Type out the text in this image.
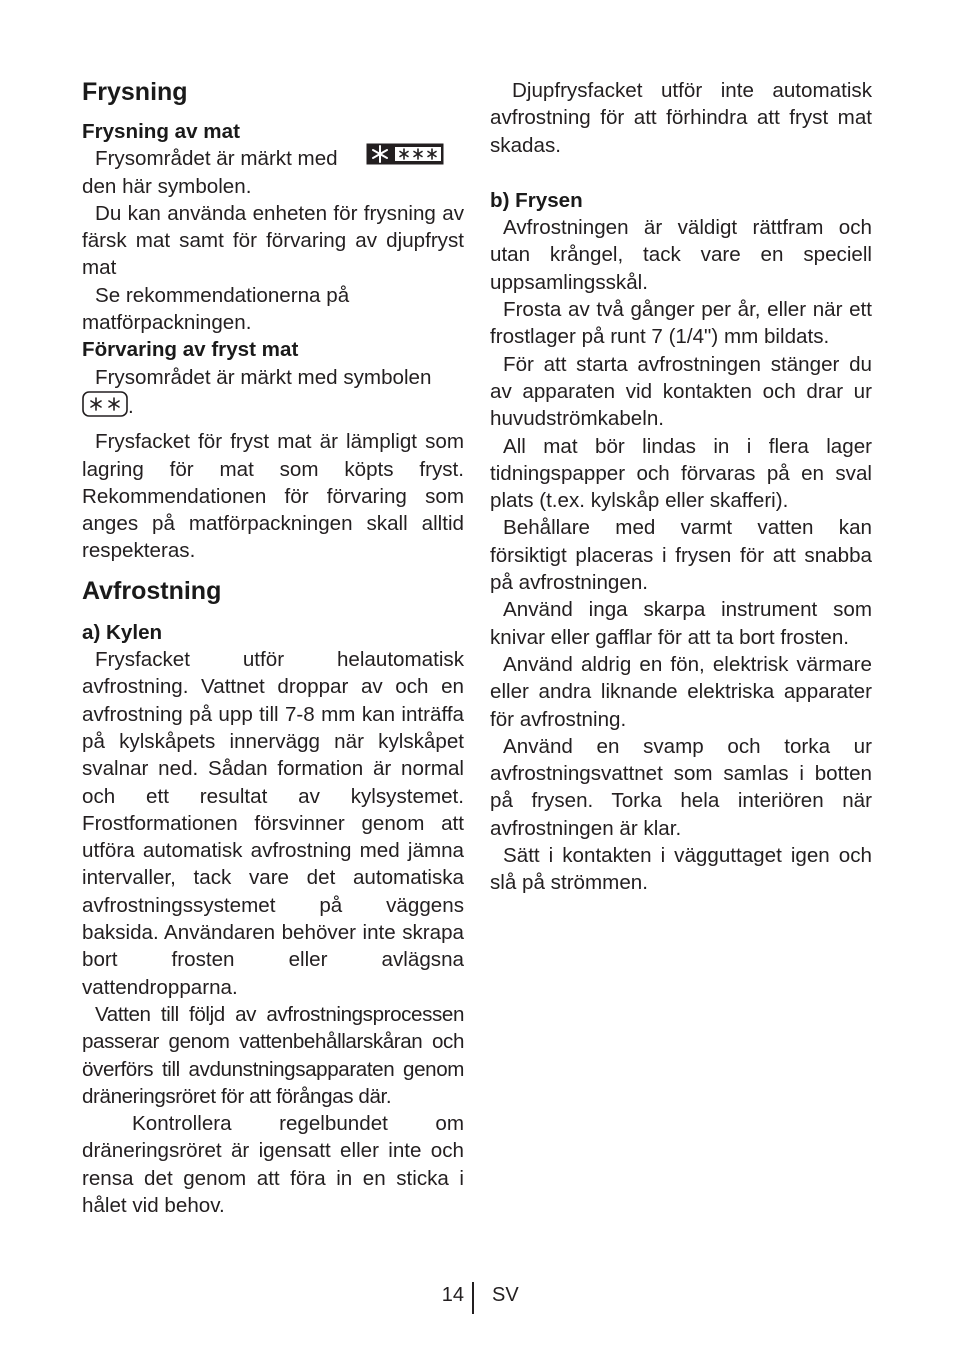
Frysning
Frysning av mat

Frysområdet är märkt med
den här symbolen.

Du kan använda enheten för frysning av färsk mat samt för förvaring av djupfryst mat

Se rekommendationerna på matförpackningen.

Förvaring av fryst mat

Frysområdet är märkt med symbolen
.

Frysfacket för fryst mat är lämpligt som lagring för mat som köpts fryst. Rekommendationen för förvaring som anges på matförpackningen skall alltid respekteras.

Avfrostning
a) Kylen

Frysfacket utför helautomatisk avfrostning. Vattnet droppar av och en avfrostning på upp till 7-8 mm kan inträffa på kylskåpets innervägg när kylskåpet svalnar ned. Sådan formation är normal och ett resultat av kylsystemet. Frostformationen försvinner genom att utföra automatisk avfrostning med jämna intervaller, tack vare det automatiska avfrostningssystemet på väggens baksida. Användaren behöver inte skrapa bort frosten eller avlägsna vattendropparna.

Vatten till följd av avfrostningsprocessen passerar genom vattenbehållarskåran och överförs till avdunstningsapparaten genom dräneringsröret för att förångas där.

Kontrollera regelbundet om dräneringsröret är igensatt eller inte och rensa det genom att föra in en sticka i hålet vid behov.

Djupfrysfacket utför inte automatisk avfrostning för att förhindra att fryst mat skadas.

b) Frysen

Avfrostningen är väldigt rättfram och utan krångel, tack vare en speciell uppsamlingsskål.

Frosta av två gånger per år, eller när ett frostlager på runt 7 (1/4") mm bildats.

För att starta avfrostningen stänger du av apparaten vid kontakten och drar ur huvudströmkabeln.

All mat bör lindas in i flera lager tidningspapper och förvaras på en sval plats (t.ex. kylskåp eller skafferi).

Behållare med varmt vatten kan försiktigt placeras i frysen för att snabba på avfrostningen.

Använd inga skarpa instrument som knivar eller gafflar för att ta bort frosten.

Använd aldrig en fön, elektrisk värmare eller andra liknande elektriska apparater för avfrostning.

Använd en svamp och torka ur avfrostningsvattnet som samlas i botten på frysen. Torka hela interiören när avfrostningen är klar.

Sätt i kontakten i vägguttaget igen och slå på strömmen.

14 SV
